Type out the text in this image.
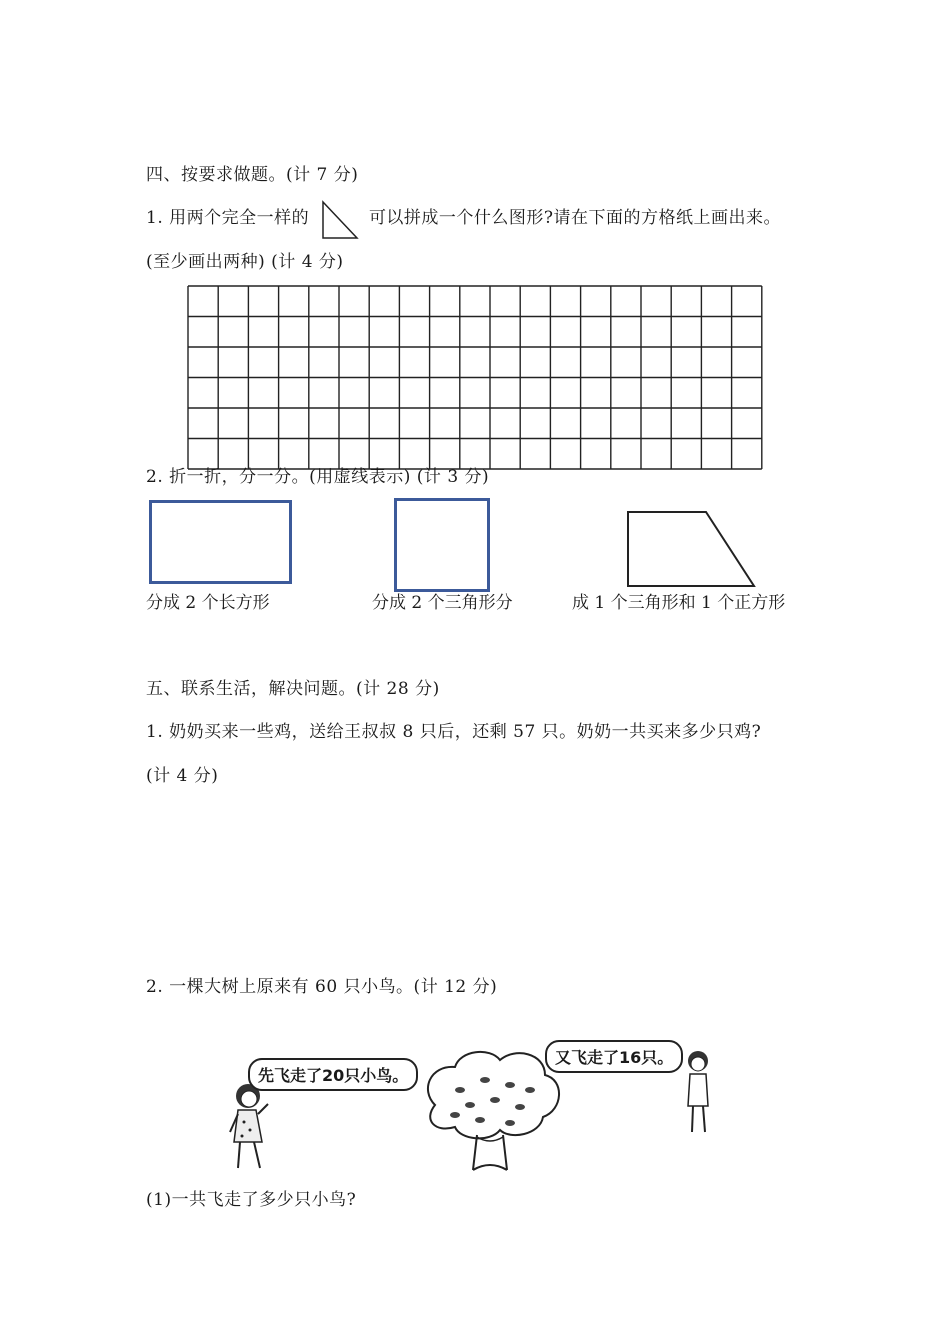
四、按要求做题。(计 7 分)
1. 用两个完全一样的	可以拼成一个什么图形?请在下面的方格纸上画出来。
(至少画出两种) (计 4 分)
2. 折一折，分一分。(用虚线表示) (计 3 分)
分成 2 个长方形	分成 2 个三角形分	成 1 个三角形和 1 个正方形
五、联系生活，解决问题。(计 28 分)
1. 奶奶买来一些鸡，送给王叔叔 8 只后，还剩 57 只。奶奶一共买来多少只鸡?
(计 4 分)
2. 一棵大树上原来有 60 只小鸟。(计 12 分)
先飞走了20只小鸟。
又飞走了16只。
(1)一共飞走了多少只小鸟?
